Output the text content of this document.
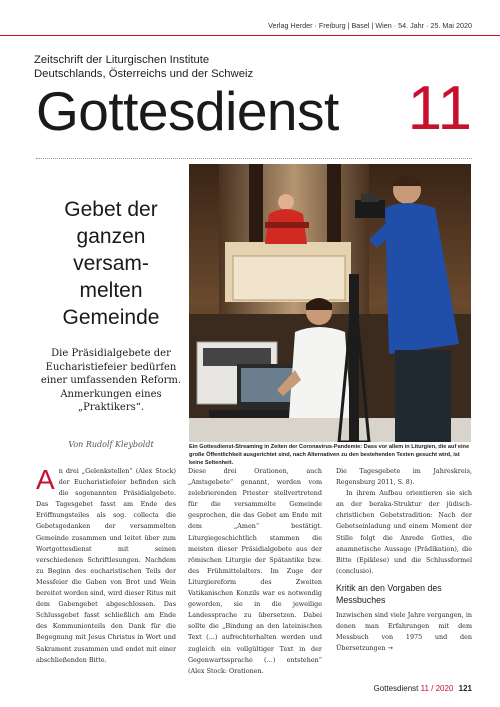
Verlag Herder · Freiburg | Basel | Wien · 54. Jahr · 25. Mai 2020
Zeitschrift der Liturgischen Institute
Deutschlands, Österreichs und der Schweiz
Gottesdienst 11
Gebet der
ganzen
versam-
melten
Gemeinde
Die Präsidialgebete der Eucharistiefeier bedürfen einer umfassenden Reform. Anmerkungen eines „Praktikers“.
Von Rudolf Kleyboldt	Ein Gottesdienst-Streaming in Zeiten der Coronavirus-Pandemie: Dass vor allem in Liturgien, die auf eine große Öffentlichkeit ausgerichtet sind, nach Alternativen zu den bestehenden Texten gesucht wird, ist keine Seltenheit.

An drei „Gelenkstellen“ (Alex Stock) der Eucharistiefeier befinden sich die sogenannten Präsidialgebete. Das Tagesgebet fasst am Ende des Eröffnungsteiles als sog. collecta die Gebetsgedanken der versammelten Gemeinde zusammen und leitet über zum Wortgottesdienst mit seinen verschiedenen Schriftlesungen. Nachdem zu Beginn des eucharistischen Teils der Messfeier die Gaben von Brot und Wein bereitet worden sind, wird dieser Ritus mit dem Gabengebet abgeschlossen. Das Schlussgebet fasst schließlich am Ende des Kommunionteils den Dank für die Begegnung mit Jesus Christus in Wort und Sakrament zusammen und endet mit einer abschließenden Bitte.

Diese drei Orationen, auch „Amtsgebete“ genannt, werden vom zelebrierenden Priester stellvertretend für die versammelte Gemeinde gesprochen, die das Gebet am Ende mit dem „Amen“ bestätigt. Liturgiegeschichtlich stammen die meisten dieser Präsidialgebete aus der römischen Liturgie der Spätantike bzw. des Frühmittelalters. Im Zuge der Liturgiereform des Zweiten Vatikanischen Konzils war es notwendig geworden, sie in die jeweilige Landessprache zu übersetzen. Dabei sollte die „Bindung an den lateinischen Text (…) aufrechterhalten werden und zugleich ein vollgültiger Text in der Gegenwartssprache (…) entstehen“ (Alex Stock: Orationen.

Die Tagesgebete im Jahreskreis, Regensburg 2011, S. 8).

In ihrem Aufbau orientieren sie sich an der beraka-Struktur der jüdisch-christlichen Gebetstradition: Nach der Gebetseinladung und einem Moment der Stille folgt die Anrede Gottes, die anamnetische Aussage (Prädikation), die Bitte (Epiklese) und die Schlussformel (conclusio).

Kritik an den Vorgaben des Messbuches

Inzwischen sind viele Jahre vergangen, in denen man Erfahrungen mit dem Messbuch von 1975 und den Übersetzungen →

Gottesdienst 11 / 2020 121
